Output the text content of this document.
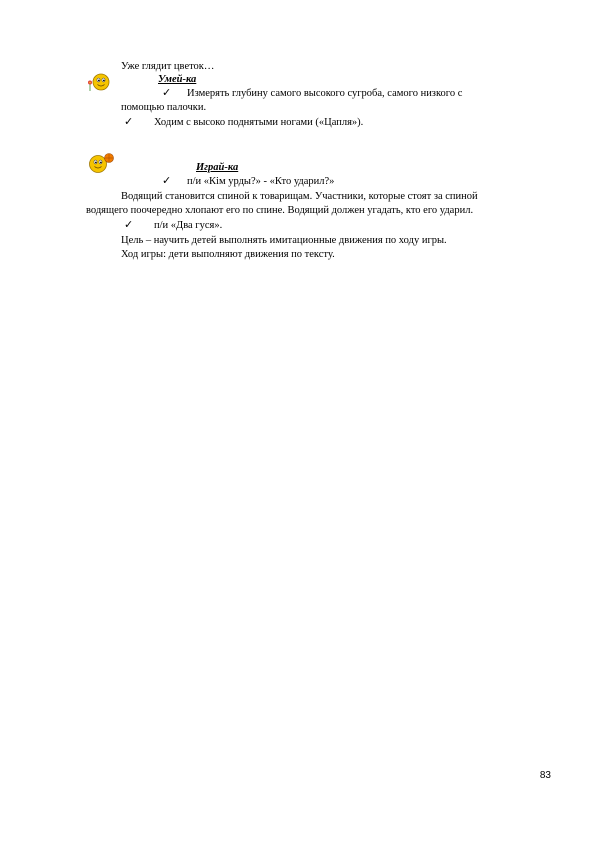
Уже глядит цветок…
Умей-ка
✓ Измерять глубину самого высокого сугроба, самого низкого с
помощью палочки.
✓ Ходим с высоко поднятыми ногами («Цапля»).
Играй-ка
✓ п/и «Кім урды?» - «Кто ударил?»
Водящий становится спиной к товарищам. Участники, которые стоят за спиной
водящего поочередно хлопают его по спине. Водящий должен угадать, кто его ударил.
✓ п/и «Два гуся».
Цель – научить детей выполнять имитационные движения по ходу игры.
Ход игры: дети выполняют движения по тексту.
83
